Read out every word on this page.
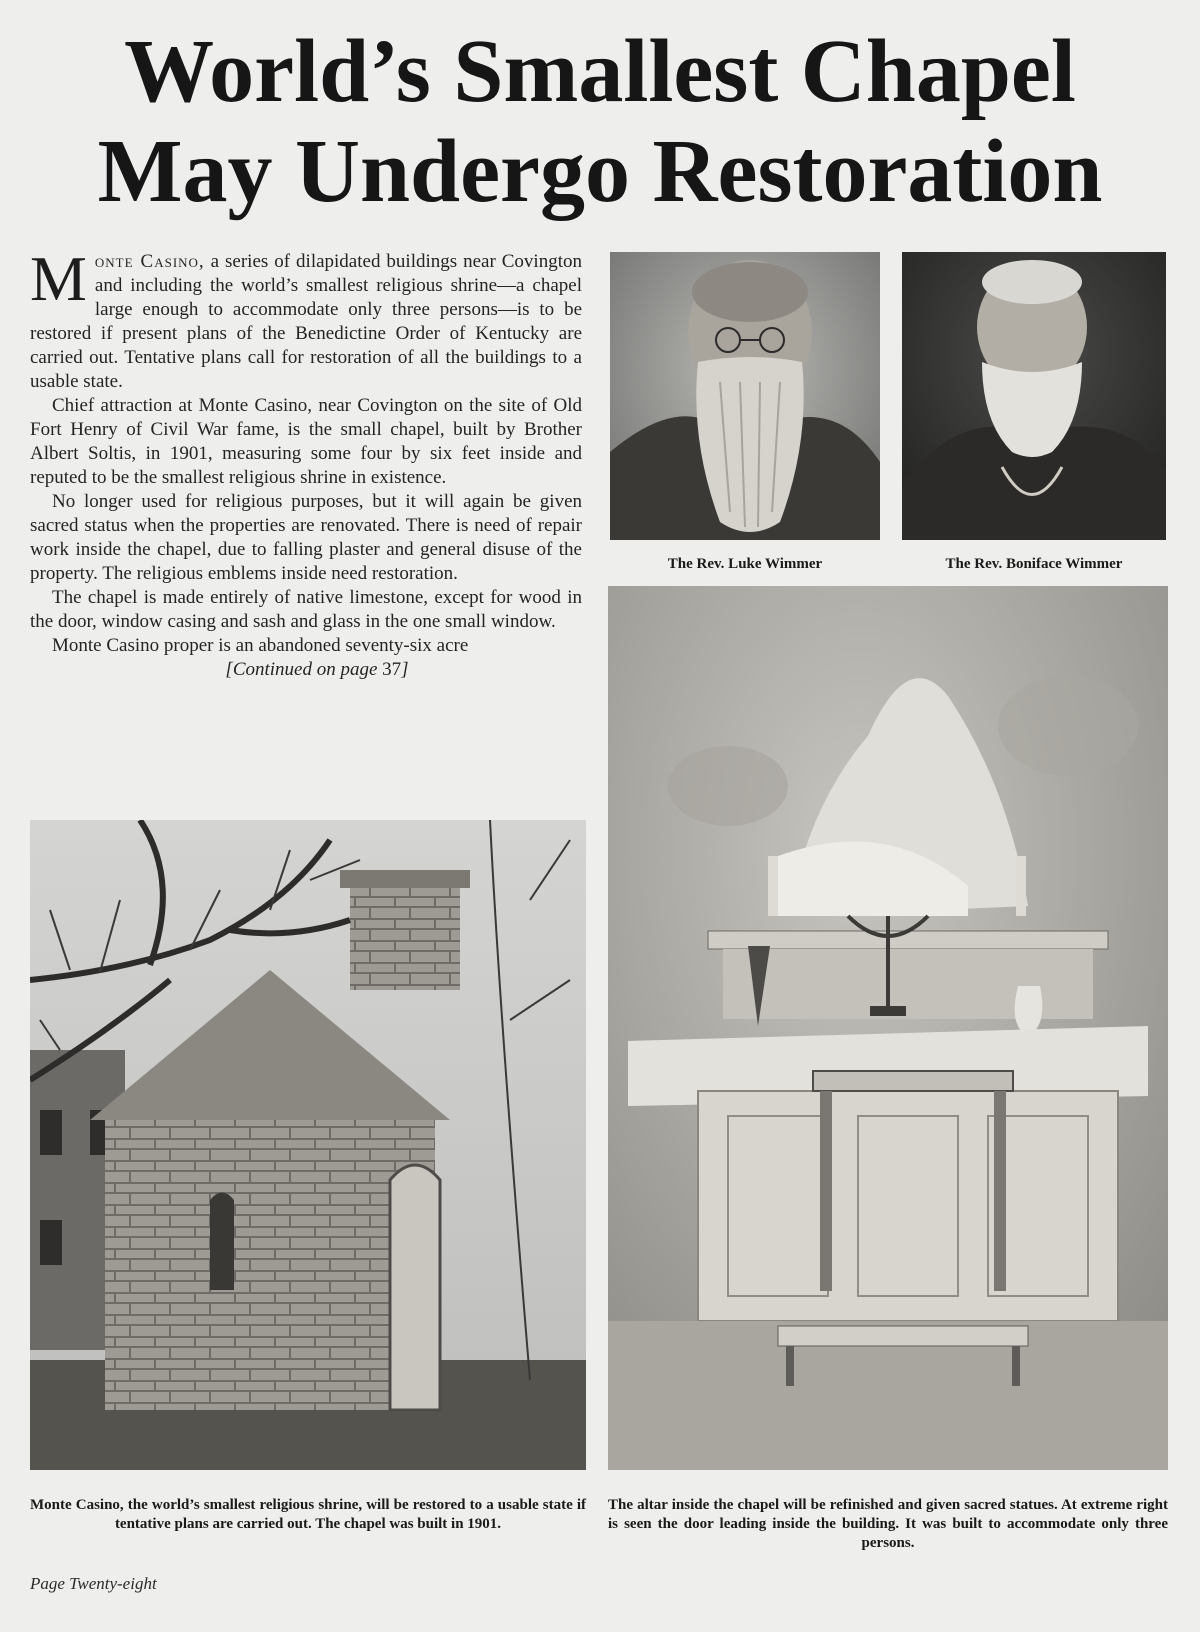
World’s Smallest Chapel
May Undergo Restoration

Monte Casino, a series of dilapidated buildings near Covington and including the world’s smallest religious shrine—a chapel large enough to accommodate only three persons—is to be restored if present plans of the Benedictine Order of Kentucky are carried out. Tentative plans call for restoration of all the buildings to a usable state.

Chief attraction at Monte Casino, near Covington on the site of Old Fort Henry of Civil War fame, is the small chapel, built by Brother Albert Soltis, in 1901, measuring some four by six feet inside and reputed to be the smallest religious shrine in existence.

No longer used for religious purposes, but it will again be given sacred status when the properties are renovated. There is need of repair work inside the chapel, due to falling plaster and general disuse of the property. The religious emblems inside need restoration.

The chapel is made entirely of native limestone, except for wood in the door, window casing and sash and glass in the one small window.

Monte Casino proper is an abandoned seventy-six acre

[Continued on page 37]

The Rev. Luke Wimmer	The Rev. Boniface Wimmer
Monte Casino, the world’s smallest religious shrine, will be restored to a usable state if tentative plans are carried out. The chapel was built in 1901.
The altar inside the chapel will be refinished and given sacred statues. At extreme right is seen the door leading inside the building. It was built to accommodate only three persons.
Page Twenty-eight
